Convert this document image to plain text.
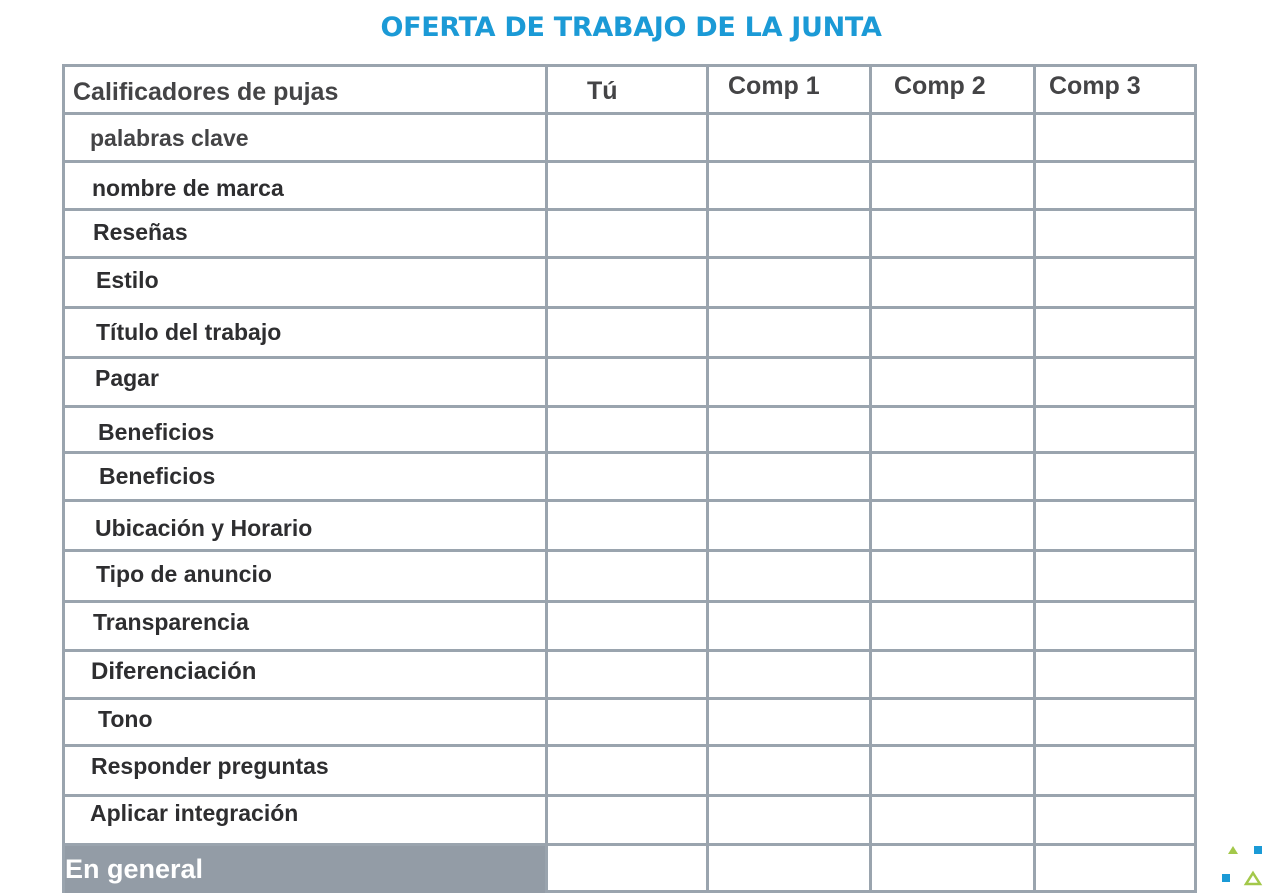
OFERTA DE TRABAJO DE LA JUNTA
Calificadores de pujas	Tú	Comp 1	Comp 2	Comp 3
palabras clave
nombre de marca
Reseñas
Estilo
Título del trabajo
Pagar
Beneficios
Beneficios
Ubicación y Horario
Tipo de anuncio
Transparencia
Diferenciación
Tono
Responder preguntas
Aplicar integración
En general
